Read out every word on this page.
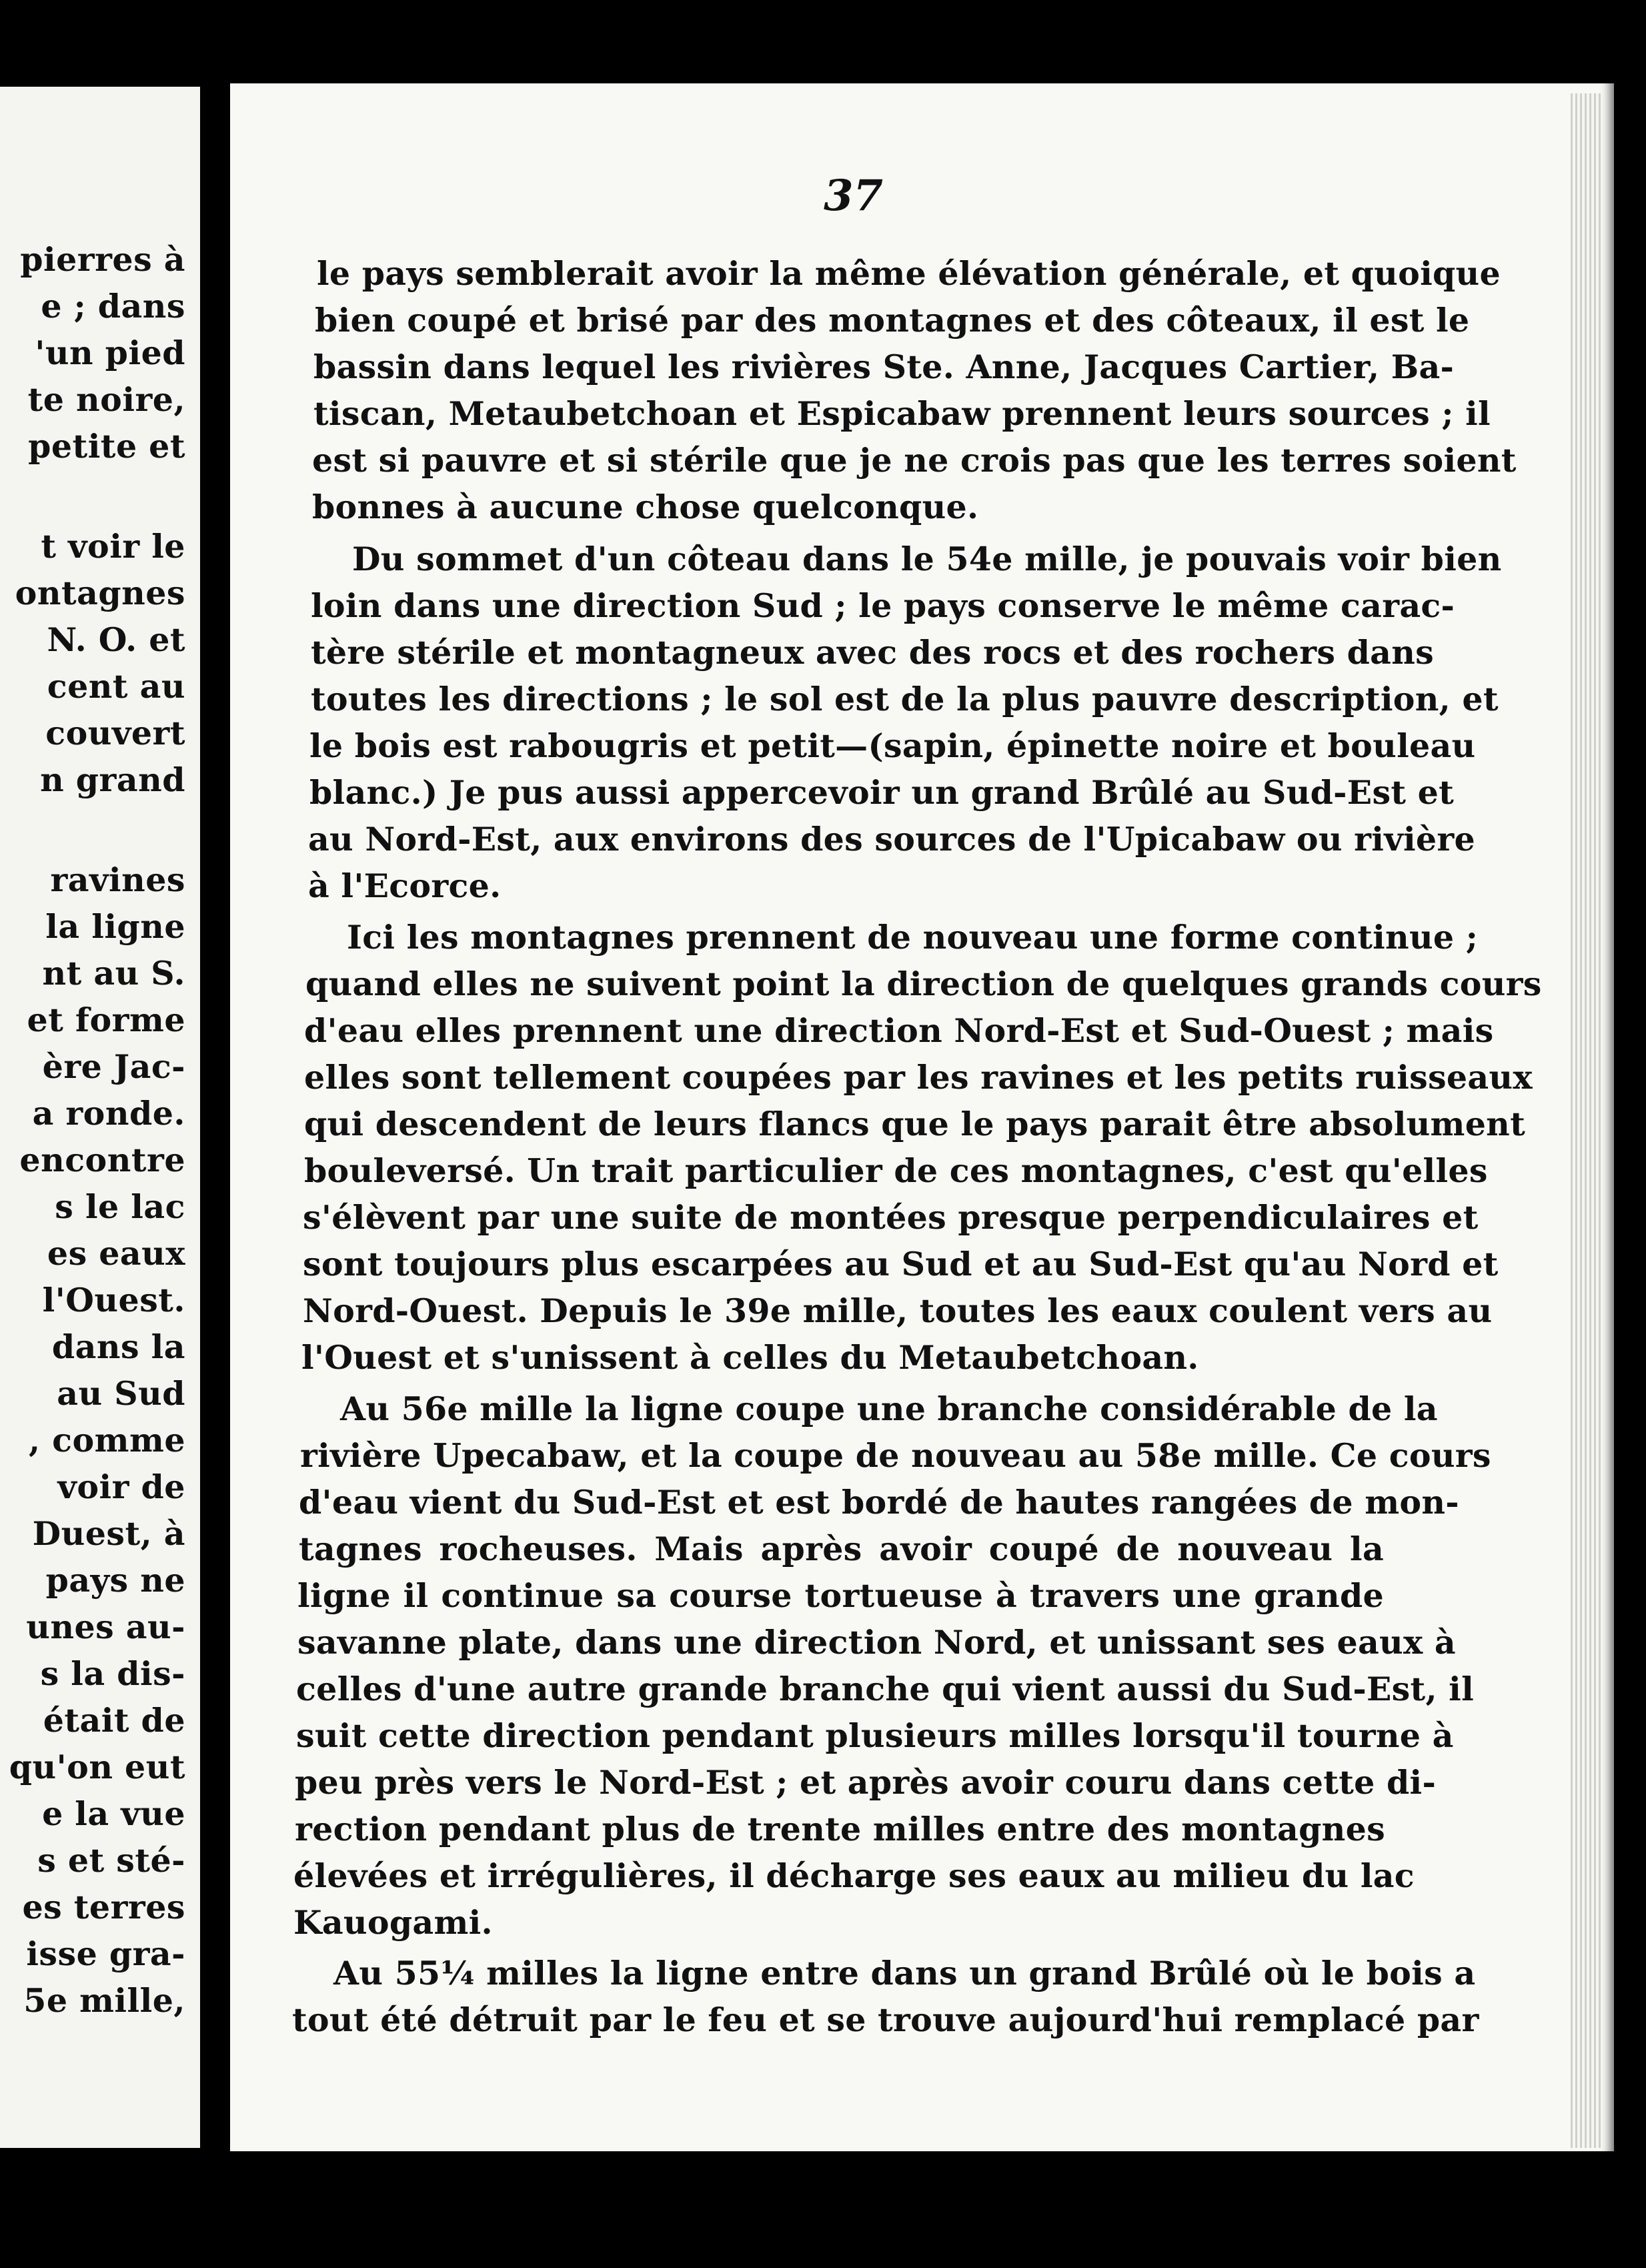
pierres à
e ; dans
'un pied
te noire,
petite et
t voir le
ontagnes
N. O. et
cent au
couvert
n grand
ravines
la ligne
nt au S.
et forme
ère Jac-
a ronde.
encontre
s le lac
es eaux
l'Ouest.
dans la
au Sud
, comme
voir de
Duest, à
pays ne
unes au-
s la dis-
était de
qu'on eut
e la vue
s et sté-
es terres
isse gra-
5e mille,
37
le pays semblerait avoir la même élévation générale, et quoique
bien coupé et brisé par des montagnes et des côteaux, il est le
bassin dans lequel les rivières Ste. Anne, Jacques Cartier, Ba-
tiscan, Metaubetchoan et Espicabaw prennent leurs sources ; il
est si pauvre et si stérile que je ne crois pas que les terres soient
bonnes à aucune chose quelconque.
Du sommet d'un côteau dans le 54e mille, je pouvais voir bien
loin dans une direction Sud ; le pays conserve le même carac-
tère stérile et montagneux avec des rocs et des rochers dans
toutes les directions ; le sol est de la plus pauvre description, et
le bois est rabougris et petit—(sapin, épinette noire et bouleau
blanc.) Je pus aussi appercevoir un grand Brûlé au Sud-Est et
au Nord-Est, aux environs des sources de l'Upicabaw ou rivière
à l'Ecorce.
Ici les montagnes prennent de nouveau une forme continue ;
quand elles ne suivent point la direction de quelques grands cours
d'eau elles prennent une direction Nord-Est et Sud-Ouest ; mais
elles sont tellement coupées par les ravines et les petits ruisseaux
qui descendent de leurs flancs que le pays parait être absolument
bouleversé. Un trait particulier de ces montagnes, c'est qu'elles
s'élèvent par une suite de montées presque perpendiculaires et
sont toujours plus escarpées au Sud et au Sud-Est qu'au Nord et
Nord-Ouest. Depuis le 39e mille, toutes les eaux coulent vers au
l'Ouest et s'unissent à celles du Metaubetchoan.
Au 56e mille la ligne coupe une branche considérable de la
rivière Upecabaw, et la coupe de nouveau au 58e mille. Ce cours
d'eau vient du Sud-Est et est bordé de hautes rangées de mon-
tagnes rocheuses. Mais après avoir coupé de nouveau la
ligne il continue sa course tortueuse à travers une grande
savanne plate, dans une direction Nord, et unissant ses eaux à
celles d'une autre grande branche qui vient aussi du Sud-Est, il
suit cette direction pendant plusieurs milles lorsqu'il tourne à
peu près vers le Nord-Est ; et après avoir couru dans cette di-
rection pendant plus de trente milles entre des montagnes
élevées et irrégulières, il décharge ses eaux au milieu du lac
Kauogami.
Au 55¼ milles la ligne entre dans un grand Brûlé où le bois a
tout été détruit par le feu et se trouve aujourd'hui remplacé par
